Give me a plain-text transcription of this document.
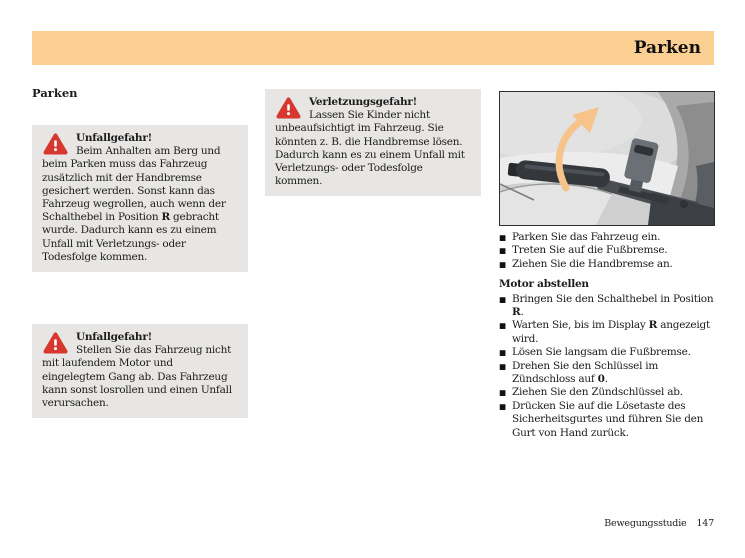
Parken
Parken
Unfallgefahr!
Beim Anhalten am Berg und beim Parken muss das Fahrzeug zusätzlich mit der Handbremse gesichert werden. Sonst kann das Fahrzeug wegrollen, auch wenn der Schalthebel in Position R gebracht wurde. Dadurch kann es zu einem Unfall mit Verletzungs- oder Todesfolge kommen.
Unfallgefahr!
Stellen Sie das Fahrzeug nicht mit laufendem Motor und eingelegtem Gang ab. Das Fahrzeug kann sonst losrollen und einen Unfall verursachen.
Verletzungsgefahr!
Lassen Sie Kinder nicht unbeaufsichtigt im Fahrzeug. Sie könnten z. B. die Handbremse lösen. Dadurch kann es zu einem Unfall mit Verletzungs- oder Todesfolge kommen.
■ Parken Sie das Fahrzeug ein.
■ Treten Sie auf die Fußbremse.
■ Ziehen Sie die Handbremse an.
Motor abstellen
■ Bringen Sie den Schalthebel in Position R.
■ Warten Sie, bis im Display R angezeigt wird.
■ Lösen Sie langsam die Fußbremse.
■ Drehen Sie den Schlüssel im Zündschloss auf 0.
■ Ziehen Sie den Zündschlüssel ab.
■ Drücken Sie auf die Lösetaste des Sicherheitsgurtes und führen Sie den Gurt von Hand zurück.
Bewegungsstudie 147
